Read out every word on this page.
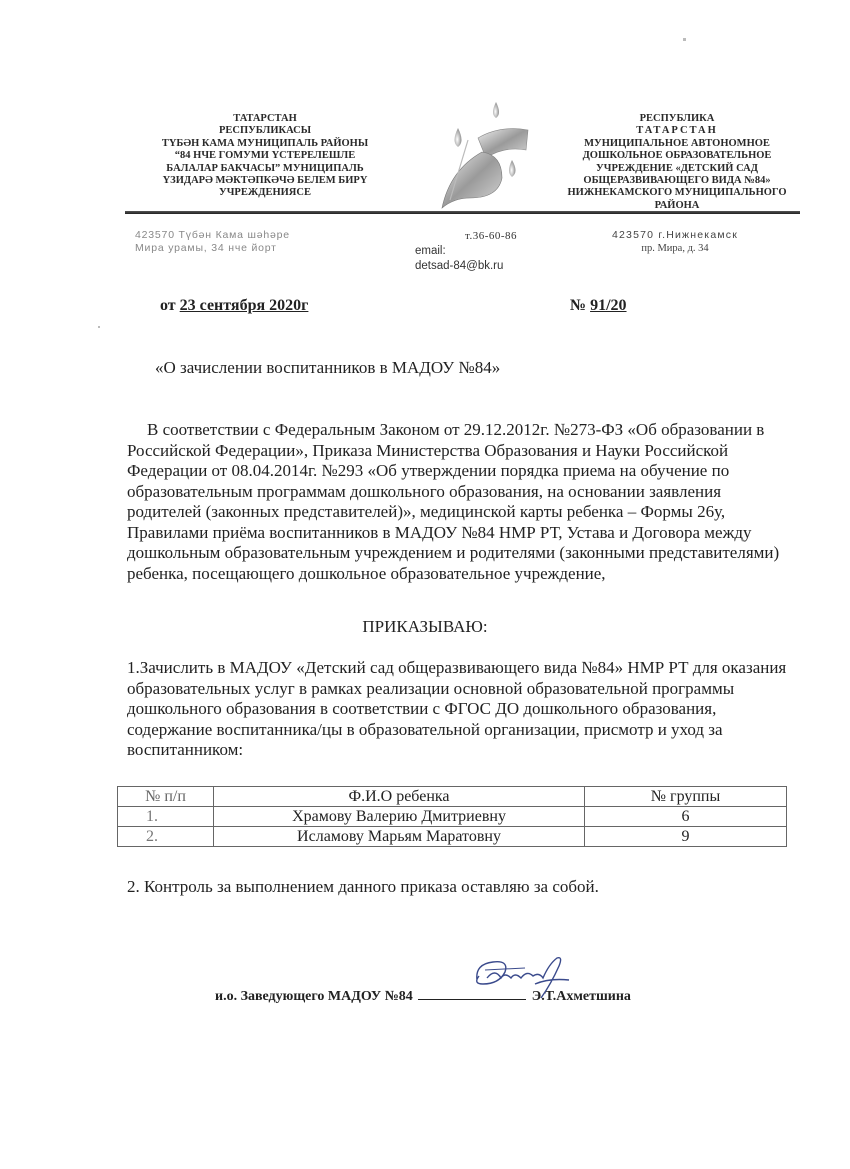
ТАТАРСТАН
РЕСПУБЛИКАСЫ
ТҮБӘН КАМА МУНИЦИПАЛЬ РАЙОНЫ
“84 НЧЕ ГОМУМИ ҮСТЕРЕЛЕШЛЕ
БАЛАЛАР БАКЧАСЫ” МУНИЦИПАЛЬ
ҮЗИДАРӘ МӘКТӘПКӘЧӘ БЕЛЕМ БИРҮ
УЧРЕЖДЕНИЯСЕ
РЕСПУБЛИКА
ТАТАРСТАН
МУНИЦИПАЛЬНОЕ АВТОНОМНОЕ
ДОШКОЛЬНОЕ ОБРАЗОВАТЕЛЬНОЕ
УЧРЕЖДЕНИЕ «ДЕТСКИЙ САД
ОБЩЕРАЗВИВАЮЩЕГО ВИДА №84»
НИЖНЕКАМСКОГО МУНИЦИПАЛЬНОГО
РАЙОНА
423570 Түбән Кама шәһәре
Мира урамы, 34 нче йорт
т.36-60-86
email:
detsad-84@bk.ru
423570 г.Нижнекамск
пр. Мира, д. 34
от 23 сентября 2020г	№ 91/20
«О зачислении воспитанников в МАДОУ №84»
В соответствии с Федеральным Законом от 29.12.2012г. №273-ФЗ «Об образовании в Российской Федерации», Приказа Министерства Образования и Науки Российской Федерации от 08.04.2014г. №293 «Об утверждении порядка приема на обучение по образовательным программам дошкольного образования, на основании заявления родителей (законных представителей)», медицинской карты ребенка – Формы 26у, Правилами приёма воспитанников в МАДОУ №84 НМР РТ, Устава и Договора между дошкольным образовательным учреждением и родителями (законными представителями) ребенка, посещающего дошкольное образовательное учреждение,
ПРИКАЗЫВАЮ:
1.Зачислить в МАДОУ «Детский сад общеразвивающего вида №84» НМР РТ для оказания образовательных услуг в рамках реализации основной образовательной программы дошкольного образования в соответствии с ФГОС ДО дошкольного образования, содержание воспитанника/цы в образовательной организации, присмотр и уход за воспитанником:
№ п/п	Ф.И.О ребенка	№ группы
1.	Храмову Валерию Дмитриевну	6
2.	Исламову Марьям Маратовну	9
2. Контроль за выполнением данного приказа оставляю за собой.
и.о. Заведующего МАДОУ №84	Э.Т.Ахметшина
